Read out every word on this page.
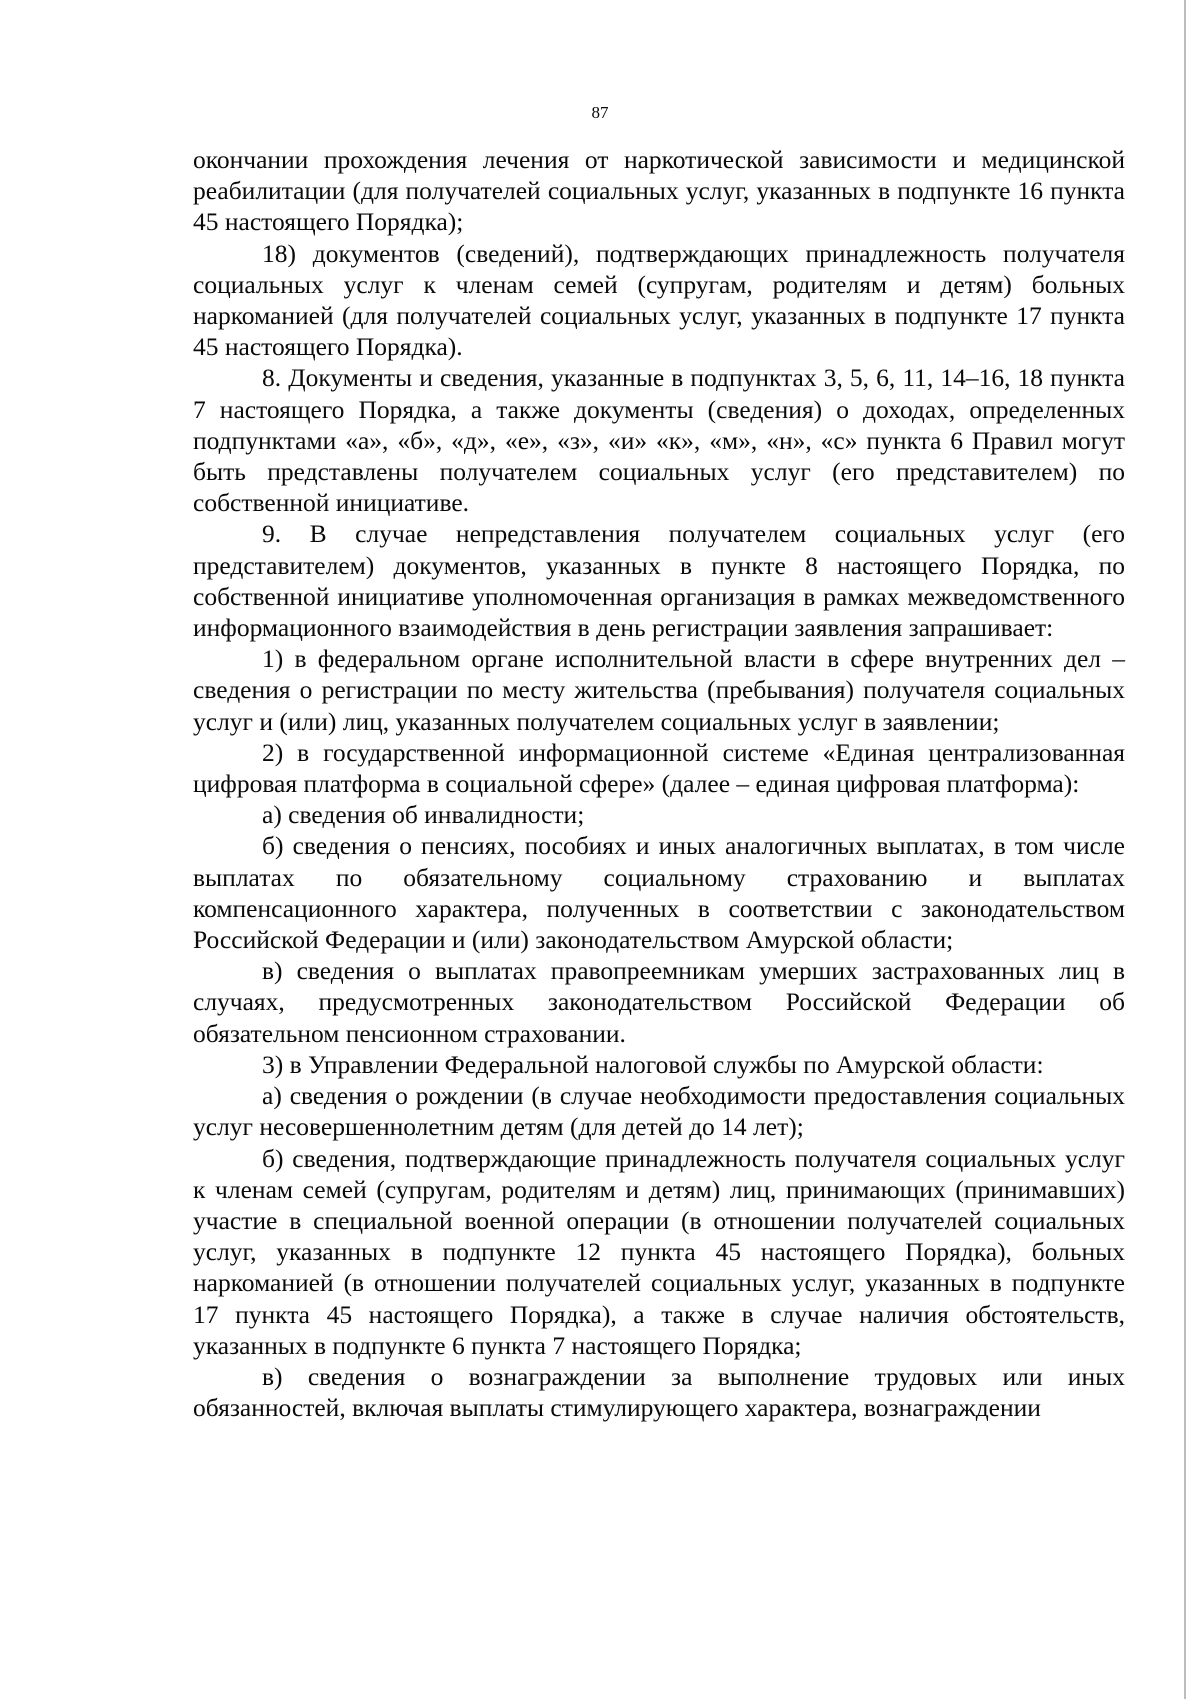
87

окончании прохождения лечения от наркотической зависимости и медицинской реабилитации (для получателей социальных услуг, указанных в подпункте 16 пункта 45 настоящего Порядка);

18) документов (сведений), подтверждающих принадлежность получателя социальных услуг к членам семей (супругам, родителям и детям) больных наркоманией (для получателей социальных услуг, указанных в подпункте 17 пункта 45 настоящего Порядка).

8. Документы и сведения, указанные в подпунктах 3, 5, 6, 11, 14–16, 18 пункта 7 настоящего Порядка, а также документы (сведения) о доходах, определенных подпунктами «а», «б», «д», «е», «з», «и» «к», «м», «н», «с» пункта 6 Правил могут быть представлены получателем социальных услуг (его представителем) по собственной инициативе.

9. В случае непредставления получателем социальных услуг (его представителем) документов, указанных в пункте 8 настоящего Порядка, по собственной инициативе уполномоченная организация в рамках межведомственного информационного взаимодействия в день регистрации заявления запрашивает:

1) в федеральном органе исполнительной власти в сфере внутренних дел – сведения о регистрации по месту жительства (пребывания) получателя социальных услуг и (или) лиц, указанных получателем социальных услуг в заявлении;

2) в государственной информационной системе «Единая централизованная цифровая платформа в социальной сфере» (далее – единая цифровая платформа):

а) сведения об инвалидности;

б) сведения о пенсиях, пособиях и иных аналогичных выплатах, в том числе выплатах по обязательному социальному страхованию и выплатах компенсационного характера, полученных в соответствии с законодательством Российской Федерации и (или) законодательством Амурской области;

в) сведения о выплатах правопреемникам умерших застрахованных лиц в случаях, предусмотренных законодательством Российской Федерации об обязательном пенсионном страховании.

3) в Управлении Федеральной налоговой службы по Амурской области:

а) сведения о рождении (в случае необходимости предоставления социальных услуг несовершеннолетним детям (для детей до 14 лет);

б) сведения, подтверждающие принадлежность получателя социальных услуг к членам семей (супругам, родителям и детям) лиц, принимающих (принимавших) участие в специальной военной операции (в отношении получателей социальных услуг, указанных в подпункте 12 пункта 45 настоящего Порядка), больных наркоманией (в отношении получателей социальных услуг, указанных в подпункте 17 пункта 45 настоящего Порядка), а также в случае наличия обстоятельств, указанных в подпункте 6 пункта 7 настоящего Порядка;

в) сведения о вознаграждении за выполнение трудовых или иных обязанностей, включая выплаты стимулирующего характера, вознаграждении
